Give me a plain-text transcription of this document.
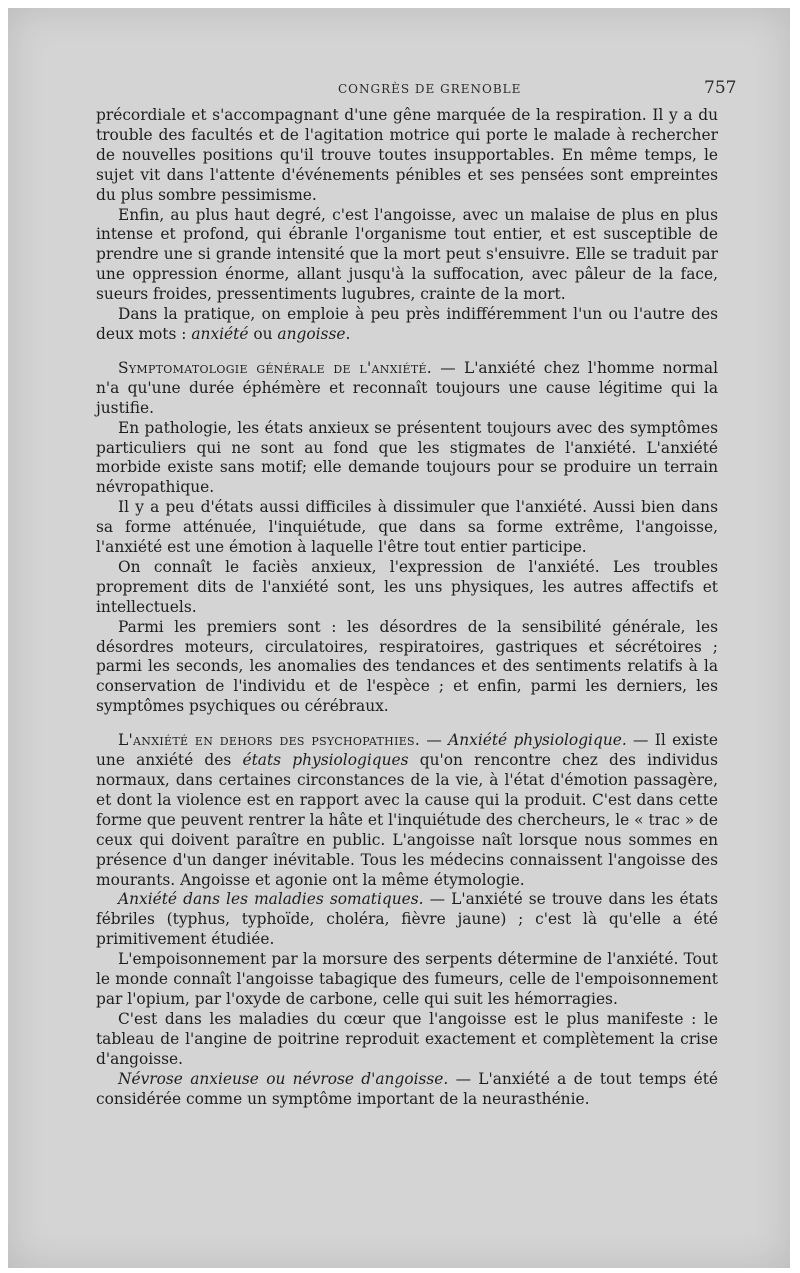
CONGRÈS DE GRENOBLE	757

précordiale et s'accompagnant d'une gêne marquée de la respiration. Il y a du trouble des facultés et de l'agitation motrice qui porte le malade à rechercher de nouvelles positions qu'il trouve toutes insupportables. En même temps, le sujet vit dans l'attente d'événements pénibles et ses pensées sont empreintes du plus sombre pessimisme.

Enfin, au plus haut degré, c'est l'angoisse, avec un malaise de plus en plus intense et profond, qui ébranle l'organisme tout entier, et est susceptible de prendre une si grande intensité que la mort peut s'ensuivre. Elle se traduit par une oppression énorme, allant jusqu'à la suffocation, avec pâleur de la face, sueurs froides, pressentiments lugubres, crainte de la mort.

Dans la pratique, on emploie à peu près indifféremment l'un ou l'autre des deux mots : anxiété ou angoisse.

Symptomatologie générale de l'anxiété. — L'anxiété chez l'homme normal n'a qu'une durée éphémère et reconnaît toujours une cause légitime qui la justifie.

En pathologie, les états anxieux se présentent toujours avec des symptômes particuliers qui ne sont au fond que les stigmates de l'anxiété. L'anxiété morbide existe sans motif; elle demande toujours pour se produire un terrain névropathique.

Il y a peu d'états aussi difficiles à dissimuler que l'anxiété. Aussi bien dans sa forme atténuée, l'inquiétude, que dans sa forme extrême, l'angoisse, l'anxiété est une émotion à laquelle l'être tout entier participe.

On connaît le faciès anxieux, l'expression de l'anxiété. Les troubles proprement dits de l'anxiété sont, les uns physiques, les autres affectifs et intellectuels.

Parmi les premiers sont : les désordres de la sensibilité générale, les désordres moteurs, circulatoires, respiratoires, gastriques et sécrétoires ; parmi les seconds, les anomalies des tendances et des sentiments relatifs à la conservation de l'individu et de l'espèce ; et enfin, parmi les derniers, les symptômes psychiques ou cérébraux.

L'anxiété en dehors des psychopathies. — Anxiété physiologique. — Il existe une anxiété des états physiologiques qu'on rencontre chez des individus normaux, dans certaines circonstances de la vie, à l'état d'émotion passagère, et dont la violence est en rapport avec la cause qui la produit. C'est dans cette forme que peuvent rentrer la hâte et l'inquiétude des chercheurs, le « trac » de ceux qui doivent paraître en public. L'angoisse naît lorsque nous sommes en présence d'un danger inévitable. Tous les médecins connaissent l'angoisse des mourants. Angoisse et agonie ont la même étymologie.

Anxiété dans les maladies somatiques. — L'anxiété se trouve dans les états fébriles (typhus, typhoïde, choléra, fièvre jaune) ; c'est là qu'elle a été primitivement étudiée.

L'empoisonnement par la morsure des serpents détermine de l'anxiété. Tout le monde connaît l'angoisse tabagique des fumeurs, celle de l'empoisonnement par l'opium, par l'oxyde de carbone, celle qui suit les hémorragies.

C'est dans les maladies du cœur que l'angoisse est le plus manifeste : le tableau de l'angine de poitrine reproduit exactement et complètement la crise d'angoisse.

Névrose anxieuse ou névrose d'angoisse. — L'anxiété a de tout temps été considérée comme un symptôme important de la neurasthénie.
